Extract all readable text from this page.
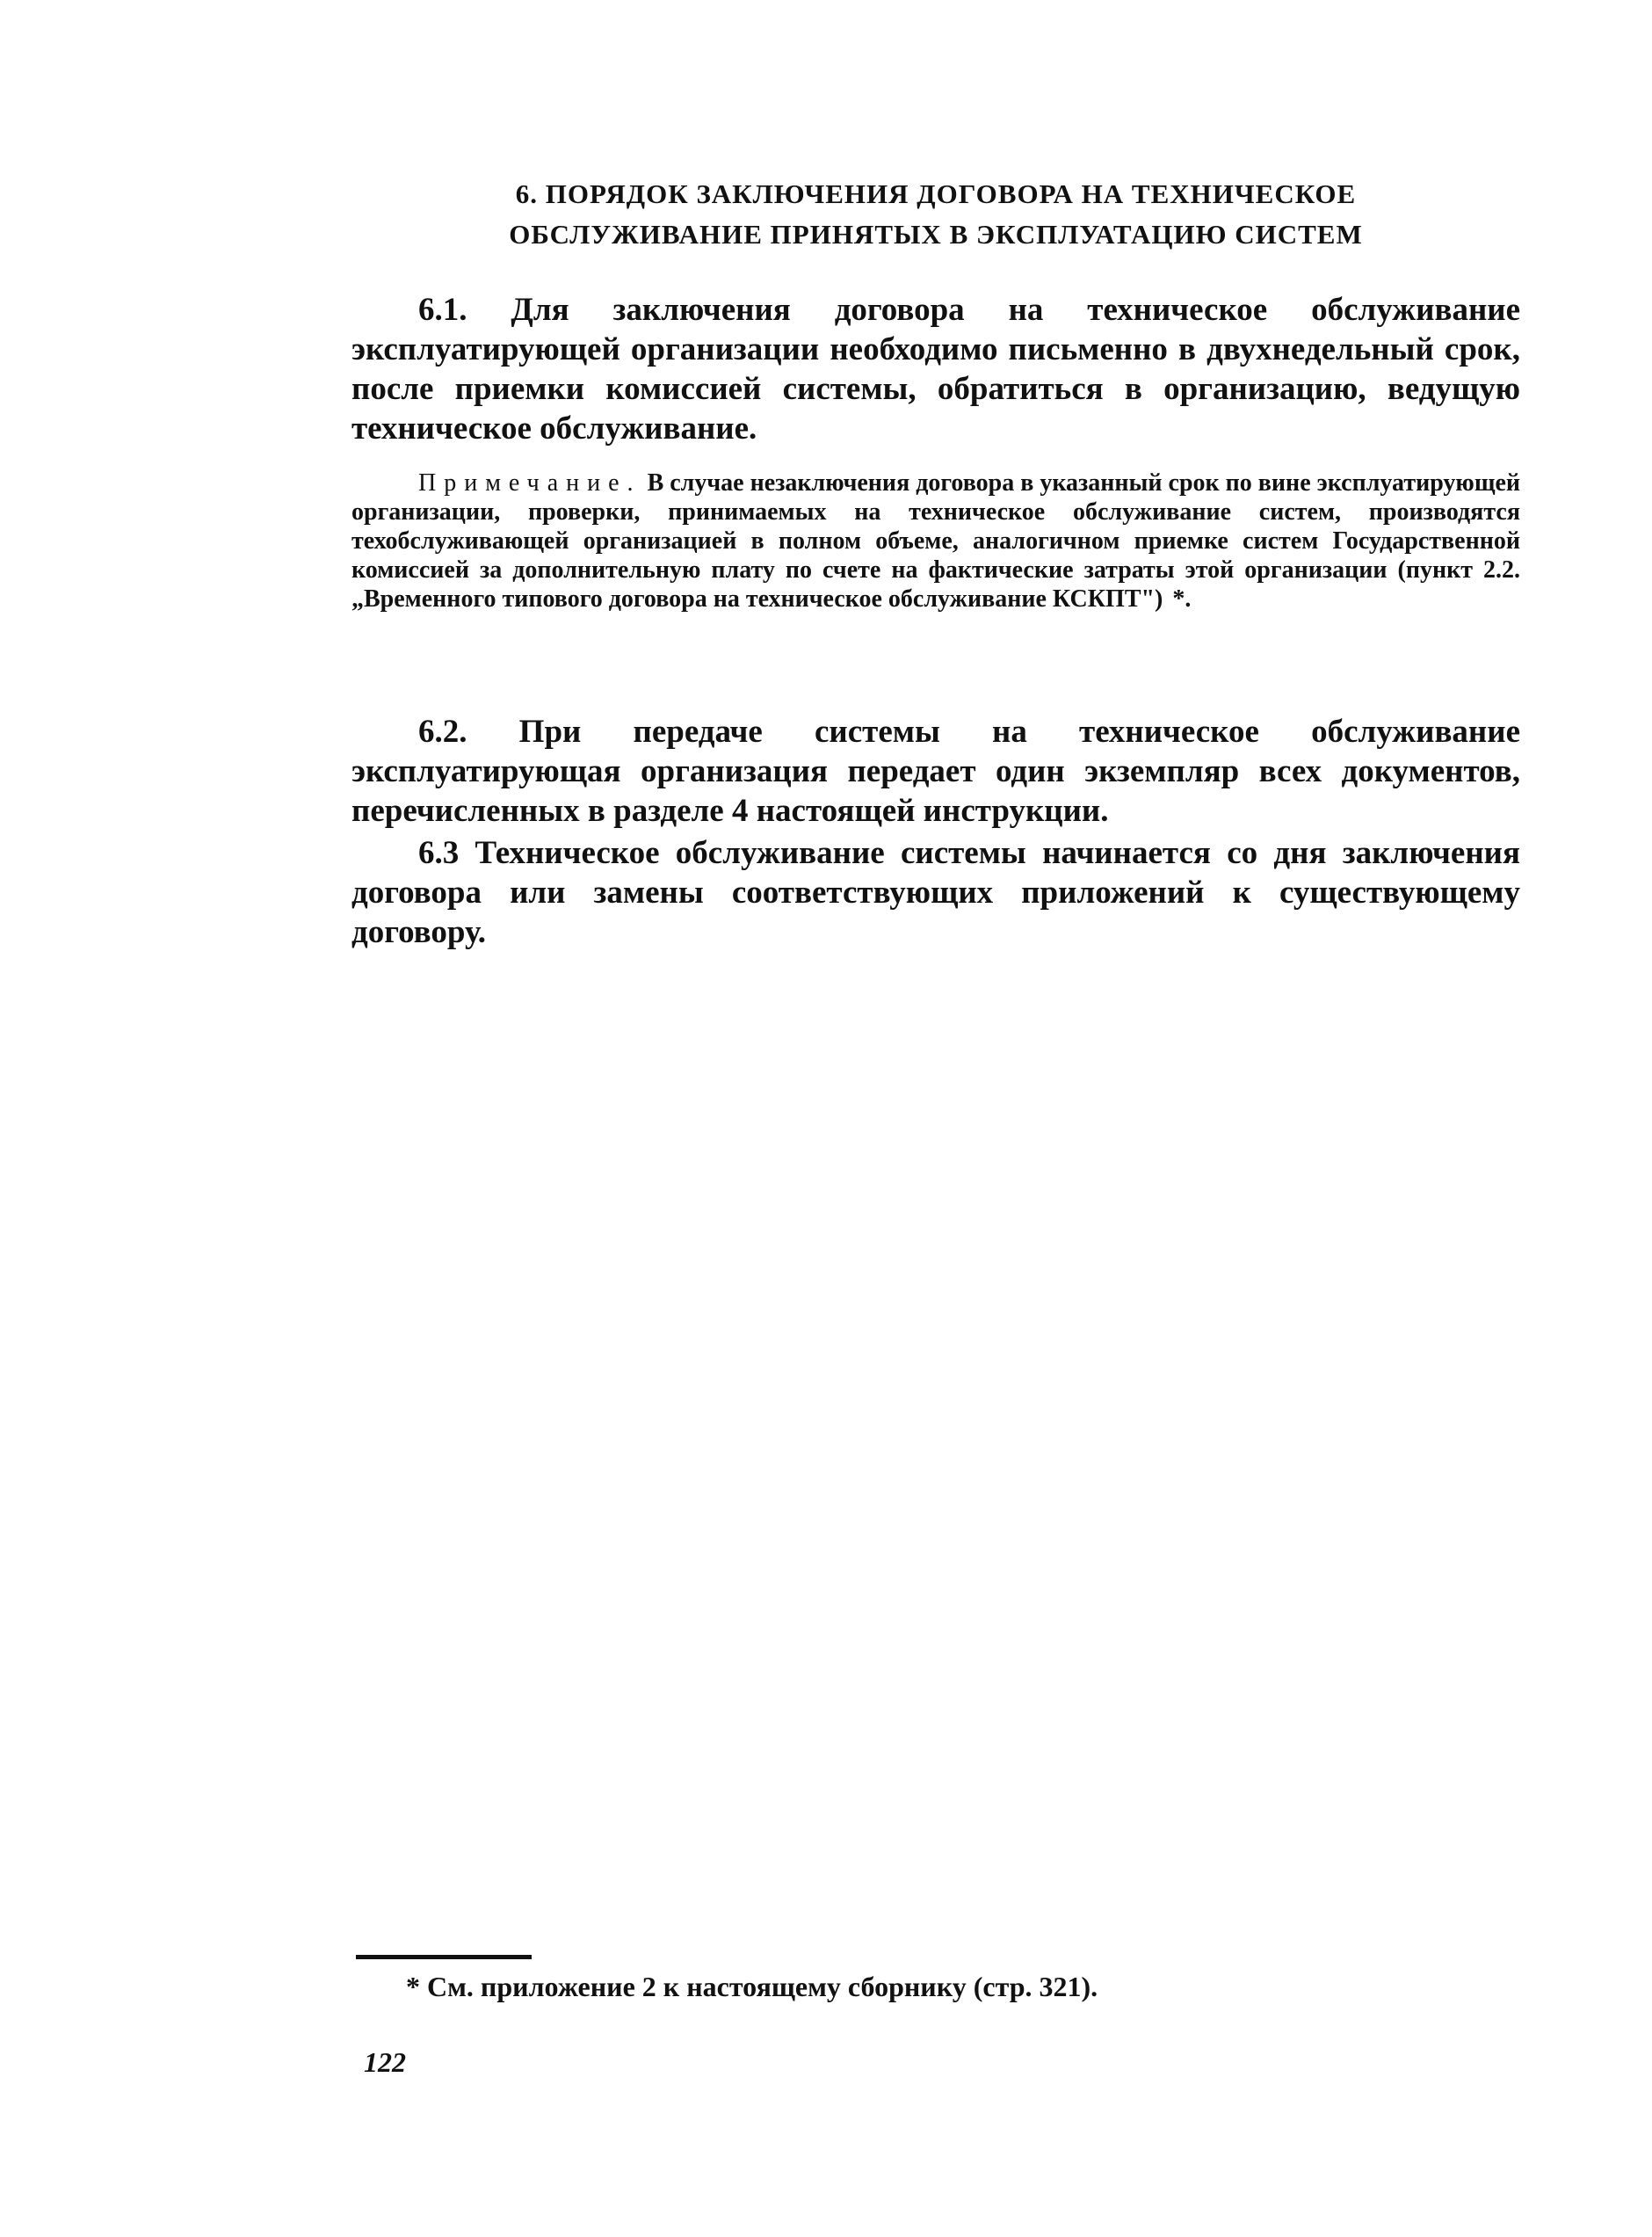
6. ПОРЯДОК ЗАКЛЮЧЕНИЯ ДОГОВОРА НА ТЕХНИЧЕСКОЕ
ОБСЛУЖИВАНИЕ ПРИНЯТЫХ В ЭКСПЛУАТАЦИЮ СИСТЕМ
6.1. Для заключения договора на техническое обслуживание эксплуатирующей организации необходимо письменно в двухнедельный срок, после приемки комиссией системы, обратиться в организацию, ведущую техническое обслуживание.
Примечание. В случае незаключения договора в указанный срок по вине эксплуатирующей организации, проверки, принимаемых на техническое обслуживание систем, производятся техобслуживающей организацией в полном объеме, аналогичном приемке систем Государственной комиссией за дополнительную плату по счете на фактические затраты этой организации (пункт 2.2. „Временного типового договора на техническое обслуживание КСКПТ") *.
6.2. При передаче системы на техническое обслуживание эксплуатирующая организация передает один экземпляр всех документов, перечисленных в разделе 4 настоящей инструкции.
6.3 Техническое обслуживание системы начинается со дня заключения договора или замены соответствующих приложений к существующему договору.
* См. приложение 2 к настоящему сборнику (стр. 321).
122
